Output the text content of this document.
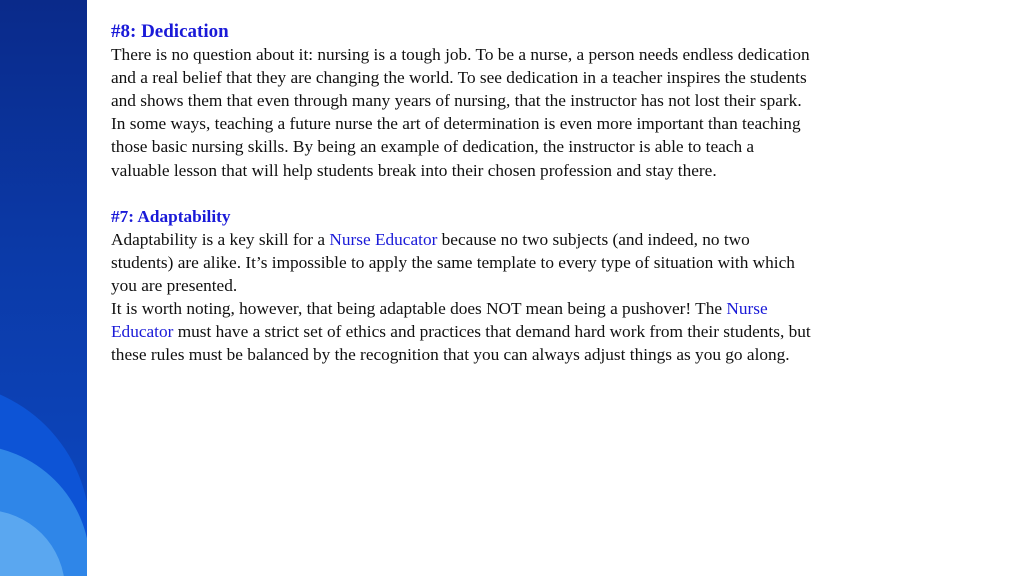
#8: Dedication

There is no question about it: nursing is a tough job. To be a nurse, a person needs endless dedication and a real belief that they are changing the world. To see dedication in a teacher inspires the students and shows them that even through many years of nursing, that the instructor has not lost their spark. In some ways, teaching a future nurse the art of determination is even more important than teaching those basic nursing skills. By being an example of dedication, the instructor is able to teach a valuable lesson that will help students break into their chosen profession and stay there.

#7: Adaptability

Adaptability is a key skill for a Nurse Educator because no two subjects (and indeed, no two students) are alike. It’s impossible to apply the same template to every type of situation with which you are presented.

It is worth noting, however, that being adaptable does NOT mean being a pushover! The Nurse Educator must have a strict set of ethics and practices that demand hard work from their students, but these rules must be balanced by the recognition that you can always adjust things as you go along.
